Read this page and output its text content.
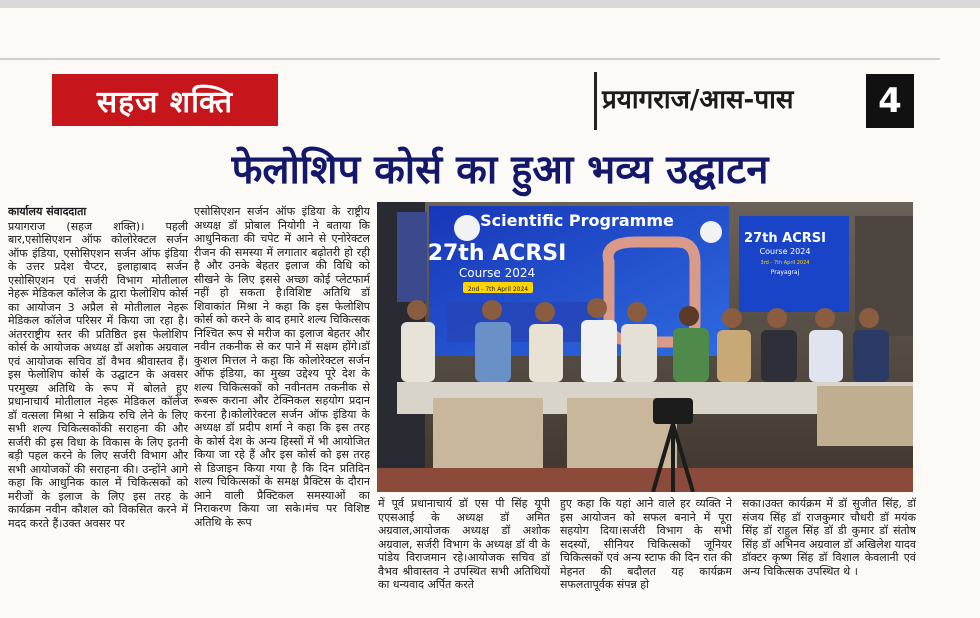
सहज शक्ति	प्रयागराज/आस-पास	4
फेलोशिप कोर्स का हुआ भव्य उद्घाटन
कार्यालय संवाददाता
प्रयागराज (सहज शक्ति)। पहली बार,एसोसिएशन ऑफ कोलोरेक्टल सर्जन ऑफ इंडिया, एसोसिएशन सर्जन ऑफ इंडिया के उत्तर प्रदेश चैप्टर, इलाहाबाद सर्जन एसोसिएशन एवं सर्जरी विभाग मोतीलाल नेहरू मेडिकल कॉलेज के द्वारा फेलोशिप कोर्स का आयोजन 3 अप्रैल से मोतीलाल नेहरू मेडिकल कॉलेज परिसर में किया जा रहा है। अंतरराष्ट्रीय स्तर की प्रतिष्ठित इस फेलोशिप कोर्स के आयोजक अध्यक्ष डॉ अशोक अग्रवाल एवं आयोजक सचिव डॉ वैभव श्रीवास्तव हैं।इस फेलोशिप कोर्स के उद्घाटन के अवसर परमुख्य अतिथि के रूप में बोलते हुए प्रधानाचार्य मोतीलाल नेहरू मेडिकल कॉलेज डॉ वत्सला मिश्रा ने सक्रिय रुचि लेने के लिए सभी शल्य चिकित्सकोंकी सराहना की और सर्जरी की इस विधा के विकास के लिए इतनी बड़ी पहल करने के लिए सर्जरी विभाग और सभी आयोजकों की सराहना की। उन्होंने आगे कहा कि आधुनिक काल में चिकित्सकों को मरीजों के इलाज के लिए इस तरह के कार्यक्रम नवीन कौशल को विकसित करने में मदद करते हैं।उक्त अवसर पर
एसोसिएशन सर्जन ऑफ इंडिया के राष्ट्रीय अध्यक्ष डॉ प्रोबाल नियोगी ने बताया कि आधुनिकता की चपेट में आने से एनोरेक्टल रीजन की समस्या में लगातार बढ़ोतरी हो रही है और उनके बेहतर इलाज की विधि को सीखने के लिए इससे अच्छा कोई प्लेटफार्म नहीं हो सकता है।विशिष्ट अतिथि डॉ शिवाकांत मिश्रा ने कहा कि इस फेलोशिप कोर्स को करने के बाद हमारे शल्य चिकित्सक निश्चित रूप से मरीज का इलाज बेहतर और नवीन तकनीक से कर पाने में सक्षम होंगे।डॉ कुशल मित्तल ने कहा कि कोलोरेक्टल सर्जन ऑफ इंडिया, का मुख्य उद्देश्य पूरे देश के शल्य चिकित्सकों को नवीनतम तकनीक से रूबरू कराना और टेक्निकल सहयोग प्रदान करना है।कोलोरेक्टल सर्जन ऑफ इंडिया के अध्यक्ष डॉ प्रदीप शर्मा ने कहा कि इस तरह के कोर्स देश के अन्य हिस्सों में भी आयोजित किया जा रहे हैं और इस कोर्स को इस तरह से डिजाइन किया गया है कि दिन प्रतिदिन शल्य चिकित्सकों के समक्ष प्रैक्टिस के दौरान आने वाली प्रैक्टिकल समस्याओं का निराकरण किया जा सके।मंच पर विशिष्ट अतिथि के रूप
Scientific Programme
27th ACRSI
Course 2024
2nd - 7th April 2024
27th ACRSI
Course 2024
3rd - 7th April 2024
Prayagraj
में पूर्व प्रधानाचार्य डॉ एस पी सिंह यूपी एएसआई के अध्यक्ष डॉ अमित अग्रवाल,आयोजक अध्यक्ष डॉ अशोक अग्रवाल, सर्जरी विभाग के अध्यक्ष डॉ वी के पांडेय विराजमान रहे।आयोजक सचिव डॉ वैभव श्रीवास्तव ने उपस्थित सभी अतिथियों का धन्यवाद अर्पित करते
हुए कहा कि यहां आने वाले हर व्यक्ति ने इस आयोजन को सफल बनाने में पूरा सहयोग दिया।सर्जरी विभाग के सभी सदस्यों, सीनियर चिकित्सकों जूनियर चिकित्सकों एवं अन्य स्टाफ की दिन रात की मेहनत की बदौलत यह कार्यक्रम सफलतापूर्वक संपन्न हो
सका।उक्त कार्यक्रम में डॉ सुजीत सिंह, डॉ संजय सिंह डॉ राजकुमार चौधरी डॉ मयंक सिंह डॉ राहुल सिंह डॉ डी कुमार डॉ संतोष सिंह डॉ अभिनव अग्रवाल डॉ अखिलेश यादव डॉक्टर कृष्ण सिंह डॉ विशाल केवलानी एवं अन्य चिकित्सक उपस्थित थे ।
